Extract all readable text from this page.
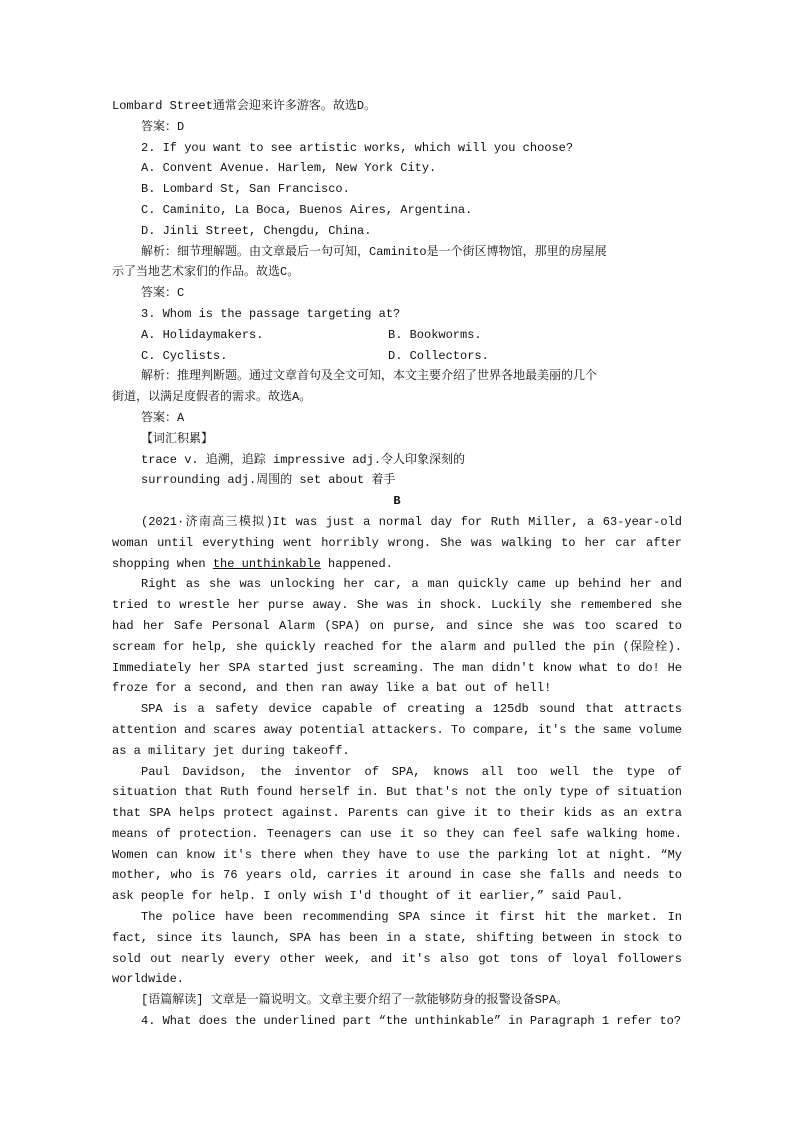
Lombard Street通常会迎来许多游客。故选D。

答案：D

2. If you want to see artistic works, which will you choose?

A. Convent Avenue. Harlem, New York City.

B. Lombard St, San Francisco.

C. Caminito, La Boca, Buenos Aires, Argentina.

D. Jinli Street, Chengdu, China.

解析：细节理解题。由文章最后一句可知，Caminito是一个街区博物馆，那里的房屋展

示了当地艺术家们的作品。故选C。

答案：C

3. Whom is the passage targeting at?

A. Holidaymakers.	B. Bookworms.
C. Cyclists.	D. Collectors.

解析：推理判断题。通过文章首句及全文可知，本文主要介绍了世界各地最美丽的几个

街道，以满足度假者的需求。故选A。

答案：A

【词汇积累】

trace v. 追溯，追踪 impressive adj.令人印象深刻的

surrounding adj.周围的 set about 着手

B

(2021·济南高三模拟)It was just a normal day for Ruth Miller, a 63-year-old woman until everything went horribly wrong. She was walking to her car after shopping when the unthinkable happened.

Right as she was unlocking her car, a man quickly came up behind her and tried to wrestle her purse away. She was in shock. Luckily she remembered she had her Safe Personal Alarm (SPA) on purse, and since she was too scared to scream for help, she quickly reached for the alarm and pulled the pin (保险栓). Immediately her SPA started just screaming. The man didn't know what to do! He froze for a second, and then ran away like a bat out of hell!

SPA is a safety device capable of creating a 125db sound that attracts attention and scares away potential attackers. To compare, it's the same volume as a military jet during takeoff.

Paul Davidson, the inventor of SPA, knows all too well the type of situation that Ruth found herself in. But that's not the only type of situation that SPA helps protect against. Parents can give it to their kids as an extra means of protection. Teenagers can use it so they can feel safe walking home. Women can know it's there when they have to use the parking lot at night. “My mother, who is 76 years old, carries it around in case she falls and needs to ask people for help. I only wish I'd thought of it earlier,” said Paul.

The police have been recommending SPA since it first hit the market. In fact, since its launch, SPA has been in a state, shifting between in stock to sold out nearly every other week, and it's also got tons of loyal followers worldwide.

[语篇解读] 文章是一篇说明文。文章主要介绍了一款能够防身的报警设备SPA。

4. What does the underlined part “the unthinkable” in Paragraph 1 refer to?
